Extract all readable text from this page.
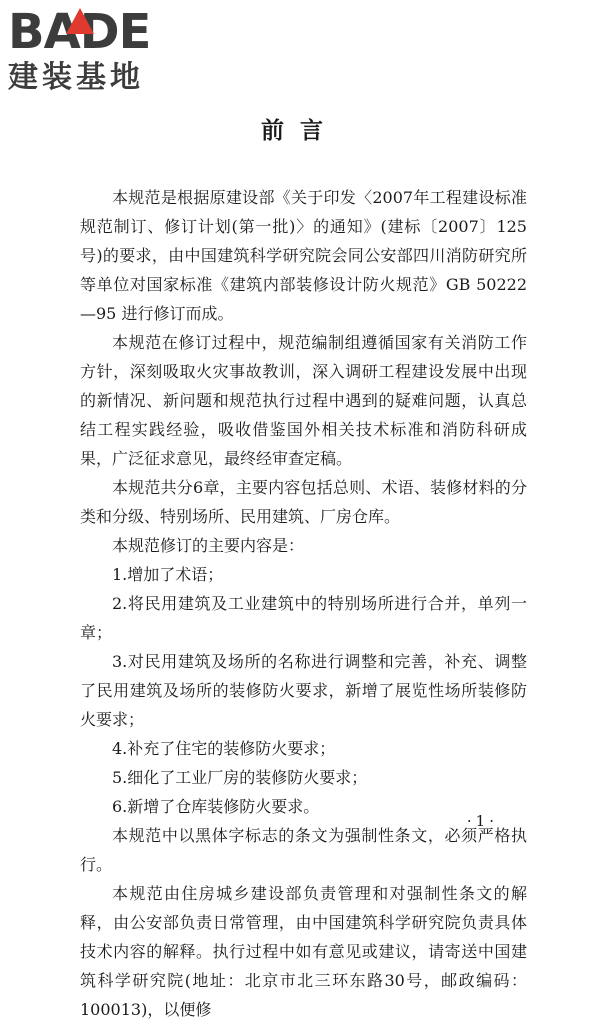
BADE
建装基地
前言

本规范是根据原建设部《关于印发〈2007年工程建设标准规范制订、修订计划(第一批)〉的通知》(建标〔2007〕125号)的要求，由中国建筑科学研究院会同公安部四川消防研究所等单位对国家标准《建筑内部装修设计防火规范》GB 50222—95 进行修订而成。

本规范在修订过程中，规范编制组遵循国家有关消防工作方针，深刻吸取火灾事故教训，深入调研工程建设发展中出现的新情况、新问题和规范执行过程中遇到的疑难问题，认真总结工程实践经验，吸收借鉴国外相关技术标准和消防科研成果，广泛征求意见，最终经审查定稿。

本规范共分6章，主要内容包括总则、术语、装修材料的分类和分级、特别场所、民用建筑、厂房仓库。

本规范修订的主要内容是：

1.增加了术语；

2.将民用建筑及工业建筑中的特别场所进行合并，单列一章；

3.对民用建筑及场所的名称进行调整和完善，补充、调整了民用建筑及场所的装修防火要求，新增了展览性场所装修防火要求；

4.补充了住宅的装修防火要求；

5.细化了工业厂房的装修防火要求；

6.新增了仓库装修防火要求。

本规范中以黑体字标志的条文为强制性条文，必须严格执行。

本规范由住房城乡建设部负责管理和对强制性条文的解释，由公安部负责日常管理，由中国建筑科学研究院负责具体技术内容的解释。执行过程中如有意见或建议，请寄送中国建筑科学研究院(地址：北京市北三环东路30号，邮政编码：100013)，以便修

·1·
